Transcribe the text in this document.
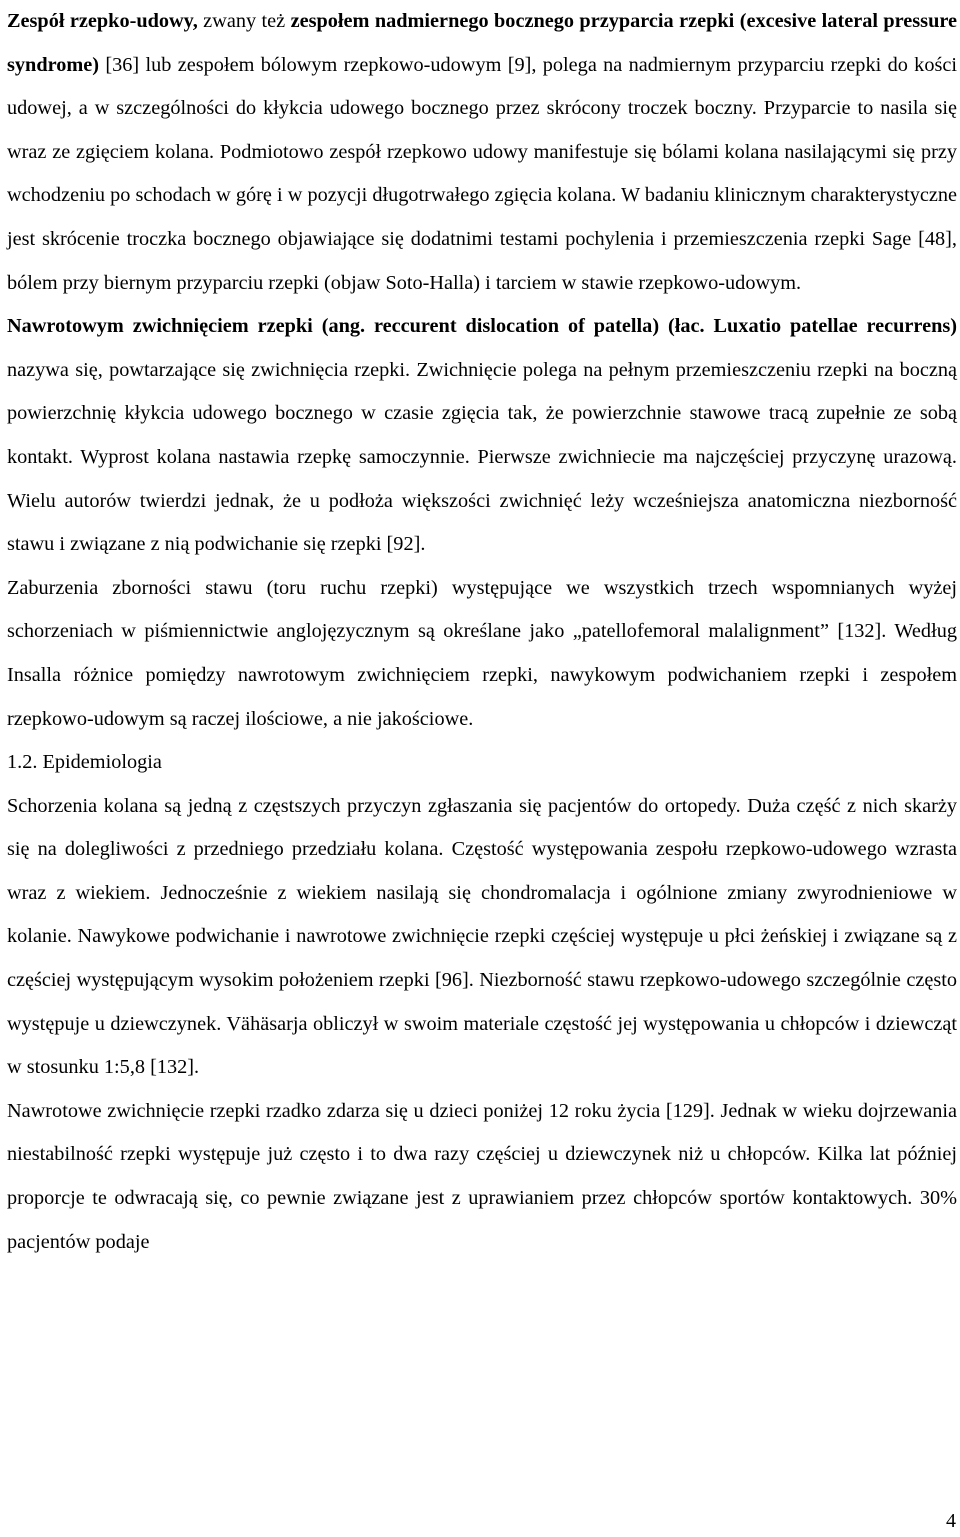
Zespół rzepko-udowy, zwany też zespołem nadmiernego bocznego przyparcia rzepki (excesive lateral pressure syndrome) [36] lub zespołem bólowym rzepkowo-udowym [9], polega na nadmiernym przyparciu rzepki do kości udowej, a w szczególności do kłykcia udowego bocznego przez skrócony troczek boczny. Przyparcie to nasila się wraz ze zgięciem kolana. Podmiotowo zespół rzepkowo udowy manifestuje się bólami kolana nasilającymi się przy wchodzeniu po schodach w górę i w pozycji długotrwałego zgięcia kolana. W badaniu klinicznym charakterystyczne jest skrócenie troczka bocznego objawiające się dodatnimi testami pochylenia i przemieszczenia rzepki Sage [48], bólem przy biernym przyparciu rzepki (objaw Soto-Halla) i tarciem w stawie rzepkowo-udowym.

Nawrotowym zwichnięciem rzepki (ang. reccurent dislocation of patella) (łac. Luxatio patellae recurrens) nazywa się, powtarzające się zwichnięcia rzepki. Zwichnięcie polega na pełnym przemieszczeniu rzepki na boczną powierzchnię kłykcia udowego bocznego w czasie zgięcia tak, że powierzchnie stawowe tracą zupełnie ze sobą kontakt. Wyprost kolana nastawia rzepkę samoczynnie. Pierwsze zwichniecie ma najczęściej przyczynę urazową. Wielu autorów twierdzi jednak, że u podłoża większości zwichnięć leży wcześniejsza anatomiczna niezborność stawu i związane z nią podwichanie się rzepki [92].

Zaburzenia zborności stawu (toru ruchu rzepki) występujące we wszystkich trzech wspomnianych wyżej schorzeniach w piśmiennictwie anglojęzycznym są określane jako „patellofemoral malalignment” [132]. Według Insalla różnice pomiędzy nawrotowym zwichnięciem rzepki, nawykowym podwichaniem rzepki i zespołem rzepkowo-udowym są raczej ilościowe, a nie jakościowe.

1.2. Epidemiologia

Schorzenia kolana są jedną z częstszych przyczyn zgłaszania się pacjentów do ortopedy. Duża część z nich skarży się na dolegliwości z przedniego przedziału kolana. Częstość występowania zespołu rzepkowo-udowego wzrasta wraz z wiekiem. Jednocześnie z wiekiem nasilają się chondromalacja i ogólnione zmiany zwyrodnieniowe w kolanie. Nawykowe podwichanie i nawrotowe zwichnięcie rzepki częściej występuje u płci żeńskiej i związane są z częściej występującym wysokim położeniem rzepki [96]. Niezborność stawu rzepkowo-udowego szczególnie często występuje u dziewczynek. Vähäsarja obliczył w swoim materiale częstość jej występowania u chłopców i dziewcząt w stosunku 1:5,8 [132].

Nawrotowe zwichnięcie rzepki rzadko zdarza się u dzieci poniżej 12 roku życia [129]. Jednak w wieku dojrzewania niestabilność rzepki występuje już często i to dwa razy częściej u dziewczynek niż u chłopców. Kilka lat później proporcje te odwracają się, co pewnie związane jest z uprawianiem przez chłopców sportów kontaktowych. 30% pacjentów podaje

4
